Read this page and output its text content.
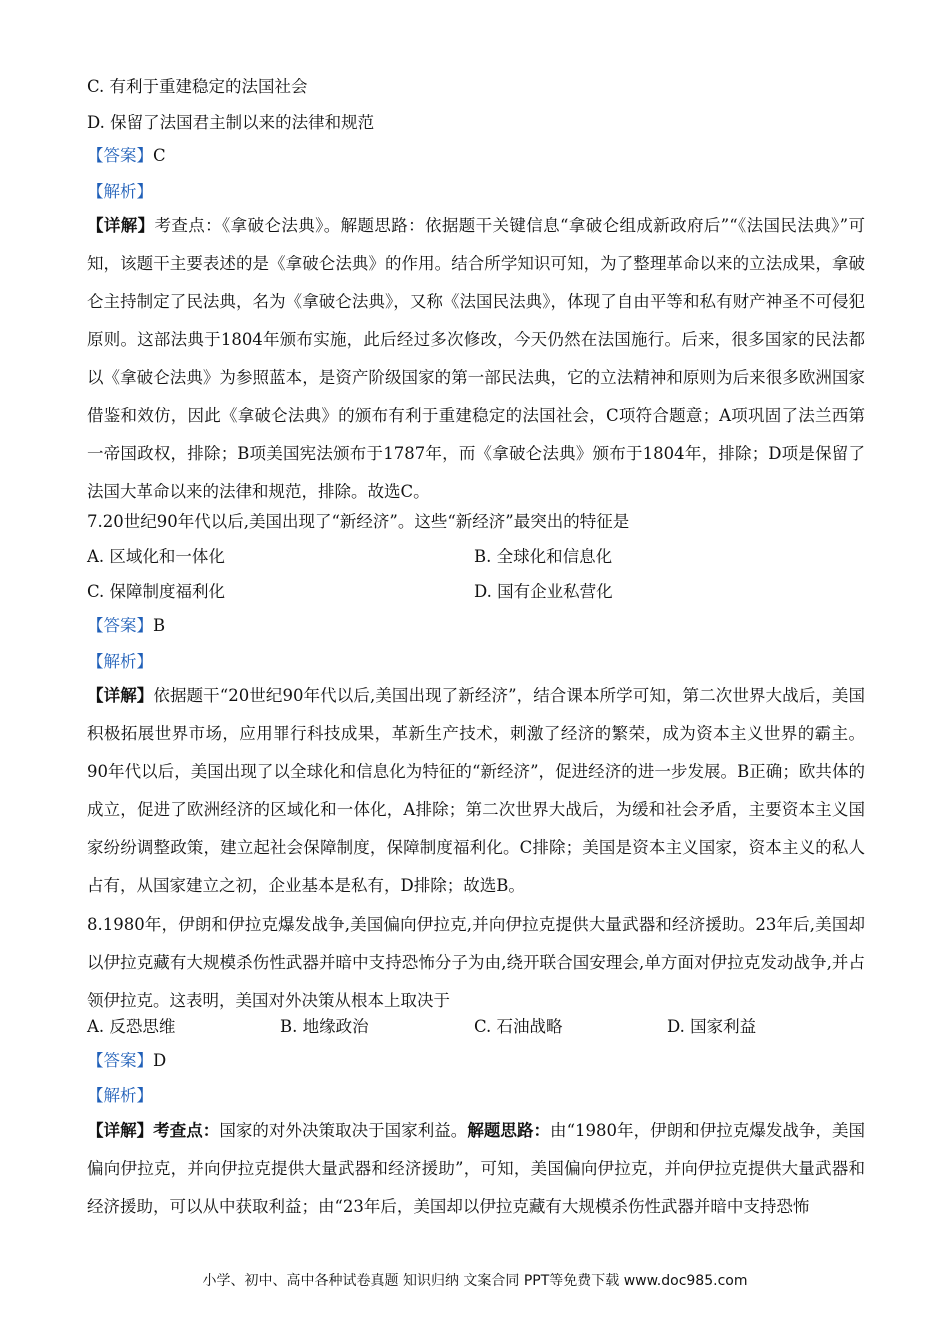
C. 有利于重建稳定的法国社会
D. 保留了法国君主制以来的法律和规范
【答案】C
【解析】
【详解】考查点：《拿破仑法典》。解题思路：依据题干关键信息“拿破仑组成新政府后”“《法国民法典》”可知，该题干主要表述的是《拿破仑法典》的作用。结合所学知识可知，为了整理革命以来的立法成果，拿破仑主持制定了民法典，名为《拿破仑法典》，又称《法国民法典》，体现了自由平等和私有财产神圣不可侵犯原则。这部法典于1804年颁布实施，此后经过多次修改，今天仍然在法国施行。后来，很多国家的民法都以《拿破仑法典》为参照蓝本，是资产阶级国家的第一部民法典，它的立法精神和原则为后来很多欧洲国家借鉴和效仿，因此《拿破仑法典》的颁布有利于重建稳定的法国社会，C项符合题意；A项巩固了法兰西第一帝国政权，排除；B项美国宪法颁布于1787年，而《拿破仑法典》颁布于1804年，排除；D项是保留了法国大革命以来的法律和规范，排除。故选C。
7.20世纪90年代以后,美国出现了“新经济”。这些“新经济”最突出的特征是
A. 区域化和一体化	B. 全球化和信息化
C. 保障制度福利化	D. 国有企业私营化
【答案】B
【解析】
【详解】依据题干“20世纪90年代以后,美国出现了新经济”，结合课本所学可知，第二次世界大战后，美国积极拓展世界市场，应用罪行科技成果，革新生产技术，刺激了经济的繁荣，成为资本主义世界的霸主。90年代以后，美国出现了以全球化和信息化为特征的“新经济”，促进经济的进一步发展。B正确；欧共体的成立，促进了欧洲经济的区域化和一体化，A排除；第二次世界大战后，为缓和社会矛盾，主要资本主义国家纷纷调整政策，建立起社会保障制度，保障制度福利化。C排除；美国是资本主义国家，资本主义的私人占有，从国家建立之初，企业基本是私有，D排除；故选B。
8.1980年，伊朗和伊拉克爆发战争,美国偏向伊拉克,并向伊拉克提供大量武器和经济援助。23年后,美国却以伊拉克藏有大规模杀伤性武器并暗中支持恐怖分子为由,绕开联合国安理会,单方面对伊拉克发动战争,并占领伊拉克。这表明，美国对外决策从根本上取决于
A. 反恐思维	B. 地缘政治	C. 石油战略	D. 国家利益
【答案】D
【解析】
【详解】考查点：国家的对外决策取决于国家利益。解题思路：由“1980年，伊朗和伊拉克爆发战争，美国偏向伊拉克，并向伊拉克提供大量武器和经济援助”，可知，美国偏向伊拉克，并向伊拉克提供大量武器和经济援助，可以从中获取利益；由“23年后，美国却以伊拉克藏有大规模杀伤性武器并暗中支持恐怖
小学、初中、高中各种试卷真题 知识归纳 文案合同 PPT等免费下载 www.doc985.com
